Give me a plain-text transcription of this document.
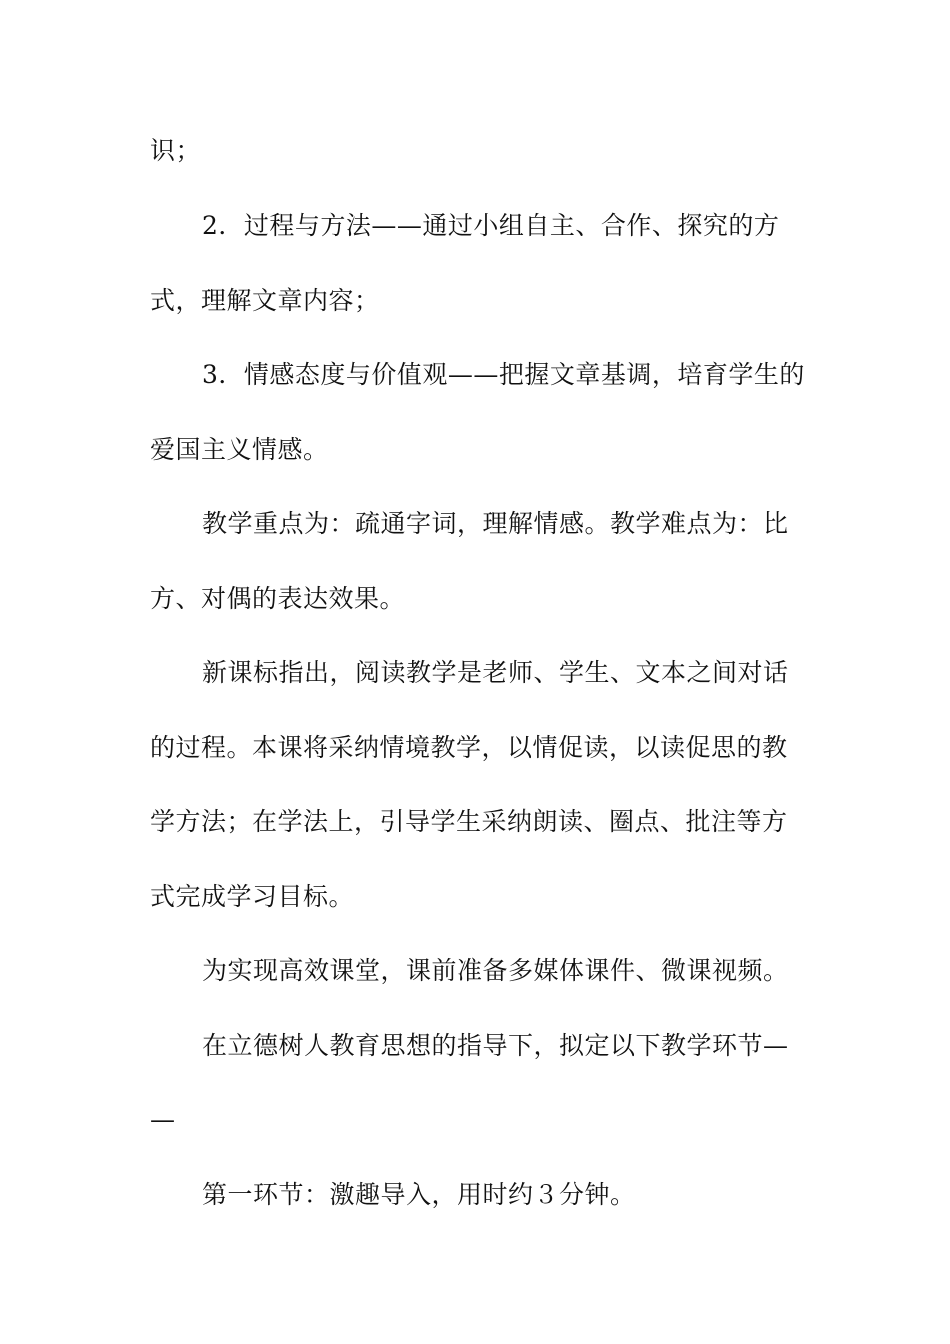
识；
2．过程与方法——通过小组自主、合作、探究的方
式，理解文章内容；
3．情感态度与价值观——把握文章基调，培育学生的
爱国主义情感。
教学重点为：疏通字词，理解情感。教学难点为：比
方、对偶的表达效果。
新课标指出，阅读教学是老师、学生、文本之间对话
的过程。本课将采纳情境教学，以情促读，以读促思的教
学方法；在学法上，引导学生采纳朗读、圈点、批注等方
式完成学习目标。
为实现高效课堂，课前准备多媒体课件、微课视频。
在立德树人教育思想的指导下，拟定以下教学环节—
—
第一环节：激趣导入，用时约３分钟。
